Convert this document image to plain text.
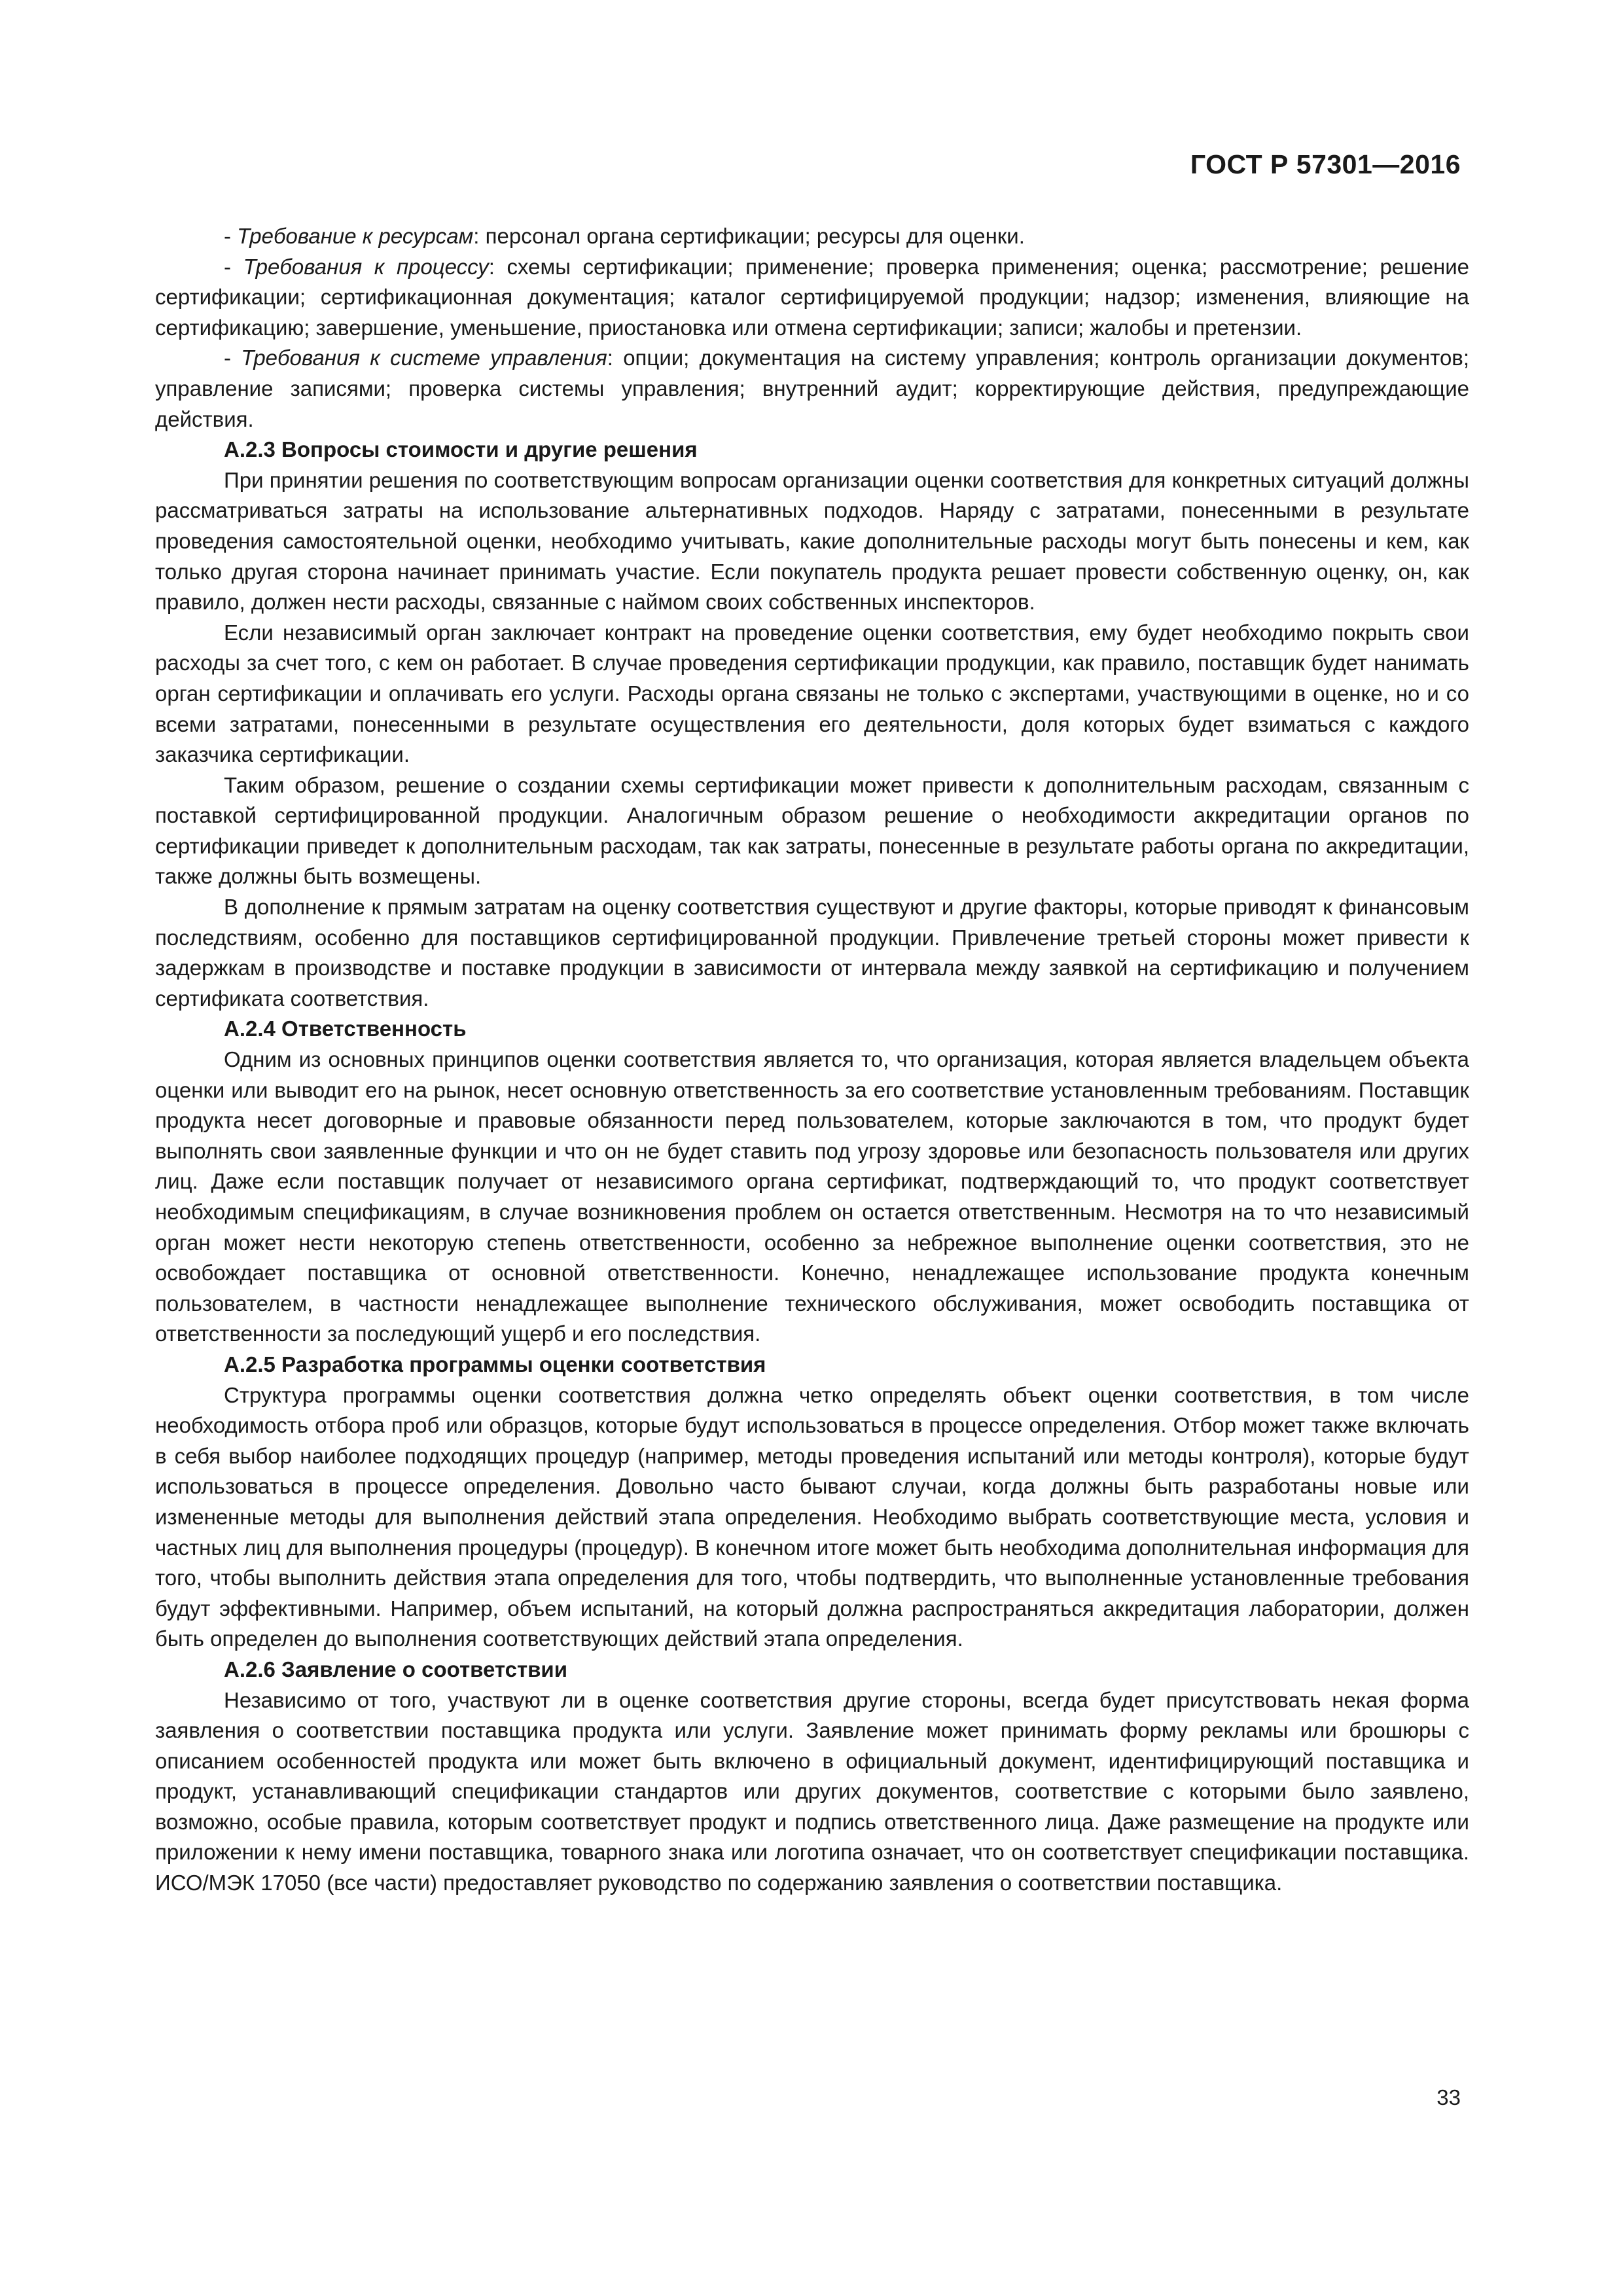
ГОСТ Р 57301—2016

- Требование к ресурсам: персонал органа сертификации; ресурсы для оценки.

- Требования к процессу: схемы сертификации; применение; проверка применения; оценка; рассмотрение; решение сертификации; сертификационная документация; каталог сертифицируемой продукции; надзор; изменения, влияющие на сертификацию; завершение, уменьшение, приостановка или отмена сертификации; записи; жалобы и претензии.

- Требования к системе управления: опции; документация на систему управления; контроль организации документов; управление записями; проверка системы управления; внутренний аудит; корректирующие действия, предупреждающие действия.

А.2.3 Вопросы стоимости и другие решения

При принятии решения по соответствующим вопросам организации оценки соответствия для конкретных ситуаций должны рассматриваться затраты на использование альтернативных подходов. Наряду с затратами, понесенными в результате проведения самостоятельной оценки, необходимо учитывать, какие дополнительные расходы могут быть понесены и кем, как только другая сторона начинает принимать участие. Если покупатель продукта решает провести собственную оценку, он, как правило, должен нести расходы, связанные с наймом своих собственных инспекторов.

Если независимый орган заключает контракт на проведение оценки соответствия, ему будет необходимо покрыть свои расходы за счет того, с кем он работает. В случае проведения сертификации продукции, как правило, поставщик будет нанимать орган сертификации и оплачивать его услуги. Расходы органа связаны не только с экспертами, участвующими в оценке, но и со всеми затратами, понесенными в результате осуществления его деятельности, доля которых будет взиматься с каждого заказчика сертификации.

Таким образом, решение о создании схемы сертификации может привести к дополнительным расходам, связанным с поставкой сертифицированной продукции. Аналогичным образом решение о необходимости аккредитации органов по сертификации приведет к дополнительным расходам, так как затраты, понесенные в результате работы органа по аккредитации, также должны быть возмещены.

В дополнение к прямым затратам на оценку соответствия существуют и другие факторы, которые приводят к финансовым последствиям, особенно для поставщиков сертифицированной продукции. Привлечение третьей стороны может привести к задержкам в производстве и поставке продукции в зависимости от интервала между заявкой на сертификацию и получением сертификата соответствия.

А.2.4 Ответственность

Одним из основных принципов оценки соответствия является то, что организация, которая является владельцем объекта оценки или выводит его на рынок, несет основную ответственность за его соответствие установленным требованиям. Поставщик продукта несет договорные и правовые обязанности перед пользователем, которые заключаются в том, что продукт будет выполнять свои заявленные функции и что он не будет ставить под угрозу здоровье или безопасность пользователя или других лиц. Даже если поставщик получает от независимого органа сертификат, подтверждающий то, что продукт соответствует необходимым спецификациям, в случае возникновения проблем он остается ответственным. Несмотря на то что независимый орган может нести некоторую степень ответственности, особенно за небрежное выполнение оценки соответствия, это не освобождает поставщика от основной ответственности. Конечно, ненадлежащее использование продукта конечным пользователем, в частности ненадлежащее выполнение технического обслуживания, может освободить поставщика от ответственности за последующий ущерб и его последствия.

А.2.5 Разработка программы оценки соответствия

Структура программы оценки соответствия должна четко определять объект оценки соответствия, в том числе необходимость отбора проб или образцов, которые будут использоваться в процессе определения. Отбор может также включать в себя выбор наиболее подходящих процедур (например, методы проведения испытаний или методы контроля), которые будут использоваться в процессе определения. Довольно часто бывают случаи, когда должны быть разработаны новые или измененные методы для выполнения действий этапа определения. Необходимо выбрать соответствующие места, условия и частных лиц для выполнения процедуры (процедур). В конечном итоге может быть необходима дополнительная информация для того, чтобы выполнить действия этапа определения для того, чтобы подтвердить, что выполненные установленные требования будут эффективными. Например, объем испытаний, на который должна распространяться аккредитация лаборатории, должен быть определен до выполнения соответствующих действий этапа определения.

А.2.6 Заявление о соответствии

Независимо от того, участвуют ли в оценке соответствия другие стороны, всегда будет присутствовать некая форма заявления о соответствии поставщика продукта или услуги. Заявление может принимать форму рекламы или брошюры с описанием особенностей продукта или может быть включено в официальный документ, идентифицирующий поставщика и продукт, устанавливающий спецификации стандартов или других документов, соответствие с которыми было заявлено, возможно, особые правила, которым соответствует продукт и подпись ответственного лица. Даже размещение на продукте или приложении к нему имени поставщика, товарного знака или логотипа означает, что он соответствует спецификации поставщика. ИСО/МЭК 17050 (все части) предоставляет руководство по содержанию заявления о соответствии поставщика.

33
